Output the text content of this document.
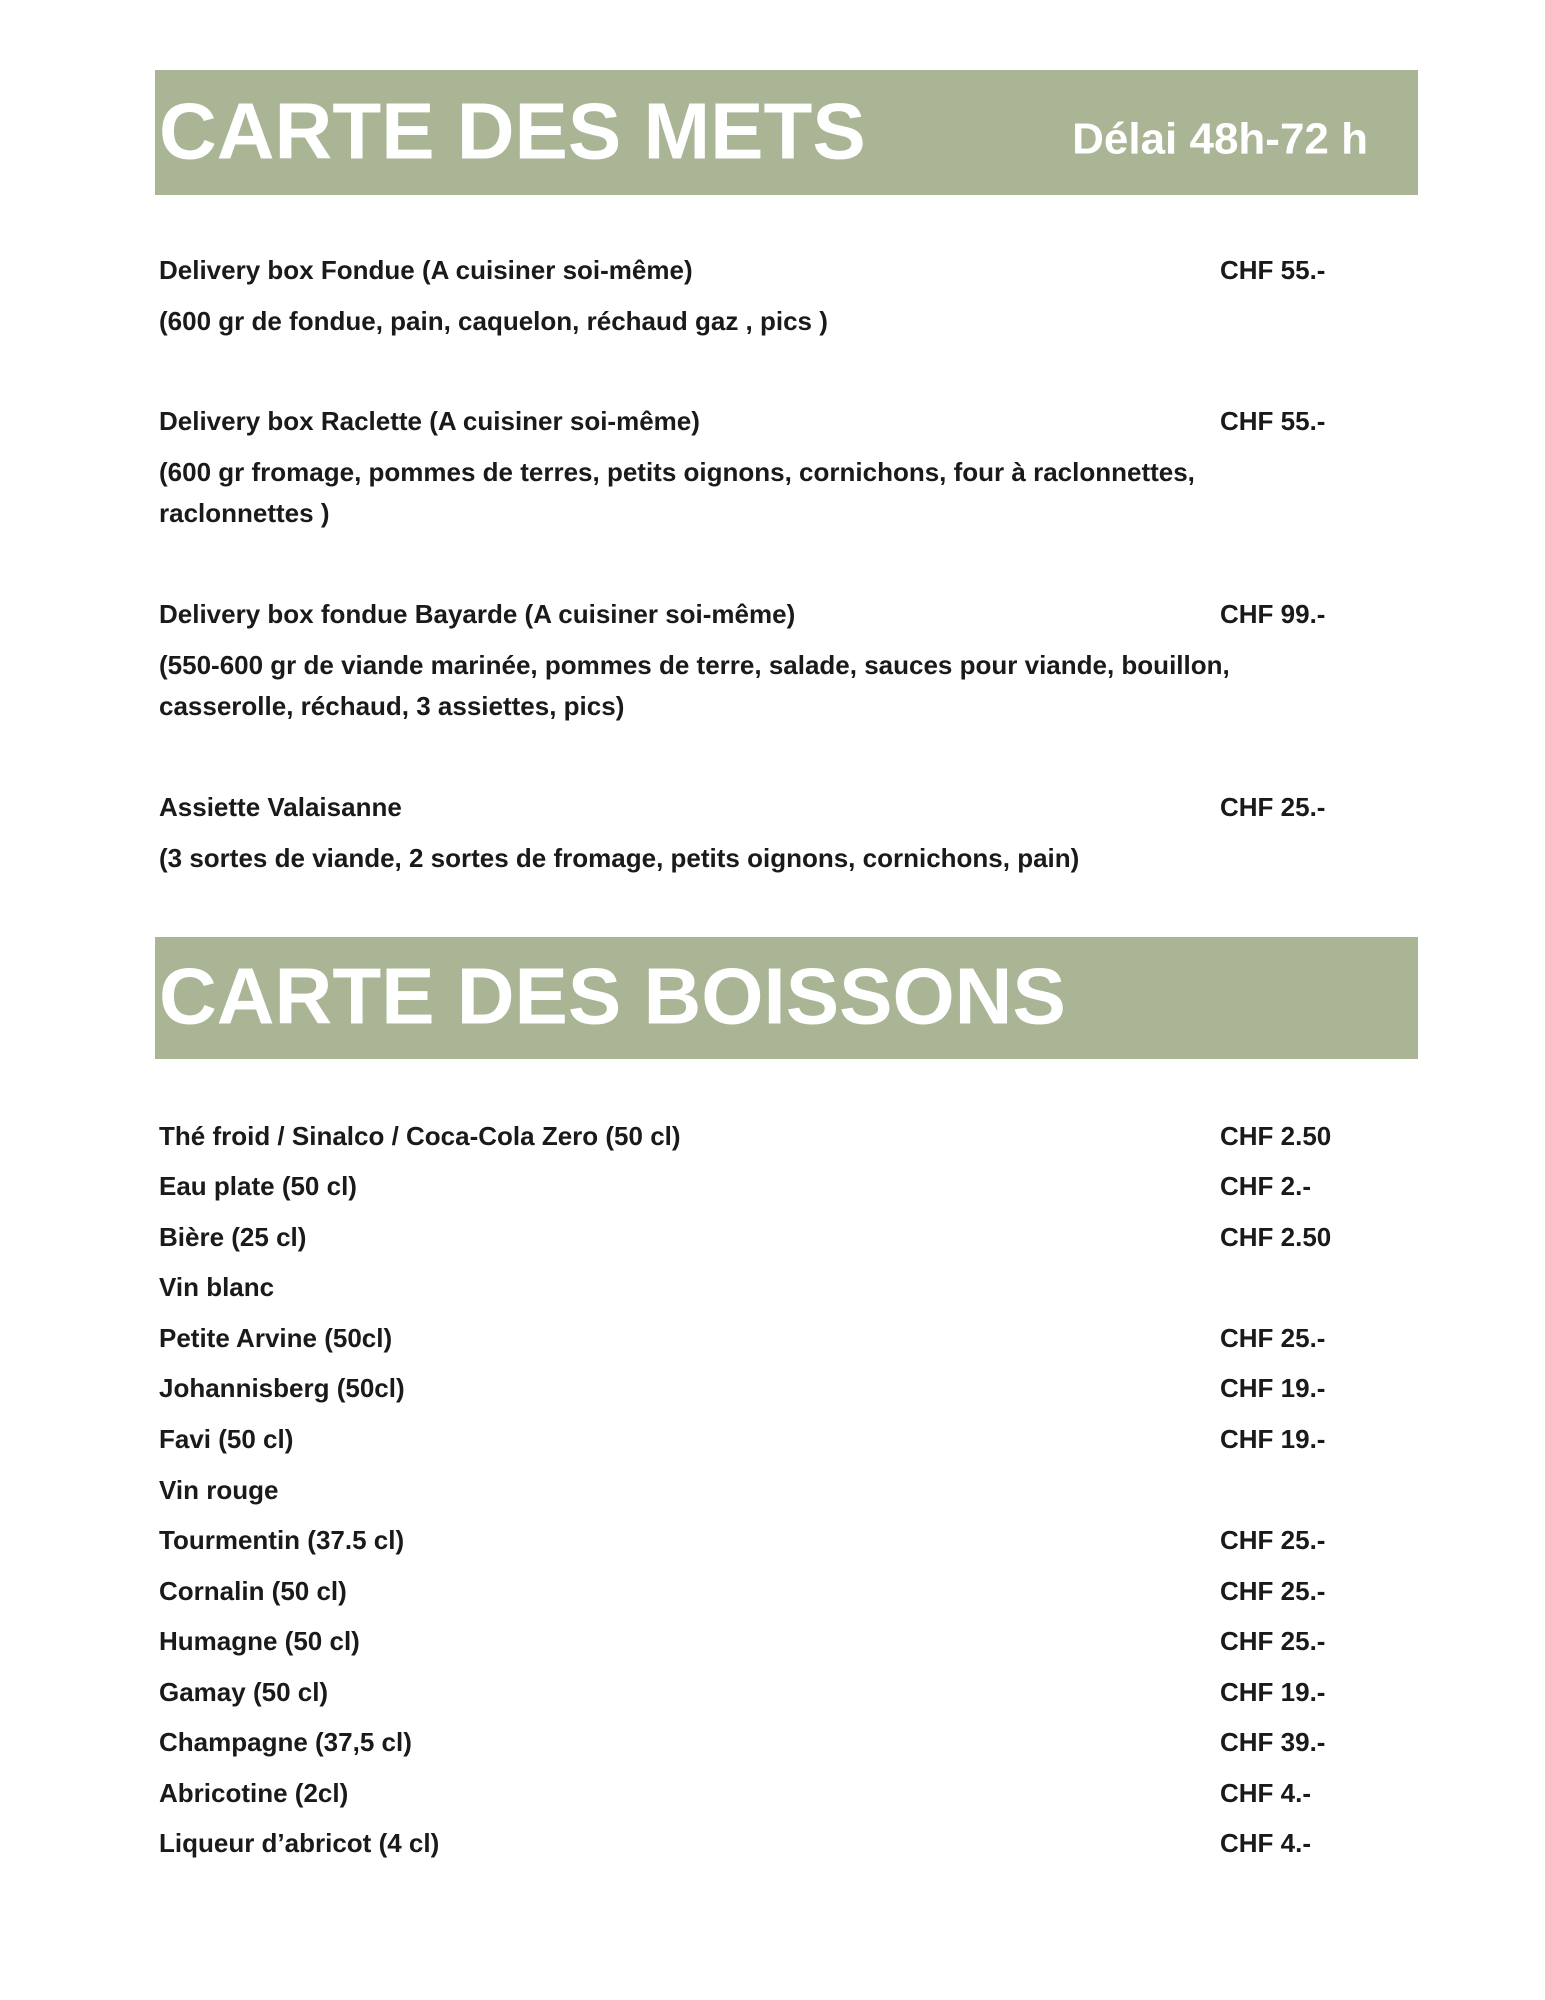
CARTE DES METS	Délai 48h-72 h
Delivery box Fondue (A cuisiner soi-même)	CHF 55.-
(600 gr de fondue, pain, caquelon, réchaud gaz , pics )
Delivery box Raclette (A cuisiner soi-même)	CHF 55.-
(600 gr fromage, pommes de terres, petits oignons, cornichons, four à raclonnettes, raclonnettes )
Delivery box fondue Bayarde (A cuisiner soi-même)	CHF 99.-
(550-600 gr de viande marinée, pommes de terre, salade, sauces pour viande, bouillon, casserolle, réchaud, 3 assiettes, pics)
Assiette Valaisanne	CHF 25.-
(3 sortes de viande, 2 sortes de fromage, petits oignons, cornichons, pain)
CARTE DES BOISSONS
Thé froid / Sinalco / Coca-Cola Zero (50 cl)	CHF 2.50
Eau plate (50 cl)	CHF 2.-
Bière (25 cl)	CHF 2.50
Vin blanc
Petite Arvine (50cl)	CHF 25.-
Johannisberg (50cl)	CHF 19.-
Favi (50 cl)	CHF 19.-
Vin rouge
Tourmentin (37.5 cl)	CHF 25.-
Cornalin (50 cl)	CHF 25.-
Humagne (50 cl)	CHF 25.-
Gamay (50 cl)	CHF 19.-
Champagne (37,5 cl)	CHF 39.-
Abricotine (2cl)	CHF 4.-
Liqueur d’abricot (4 cl)	CHF 4.-
